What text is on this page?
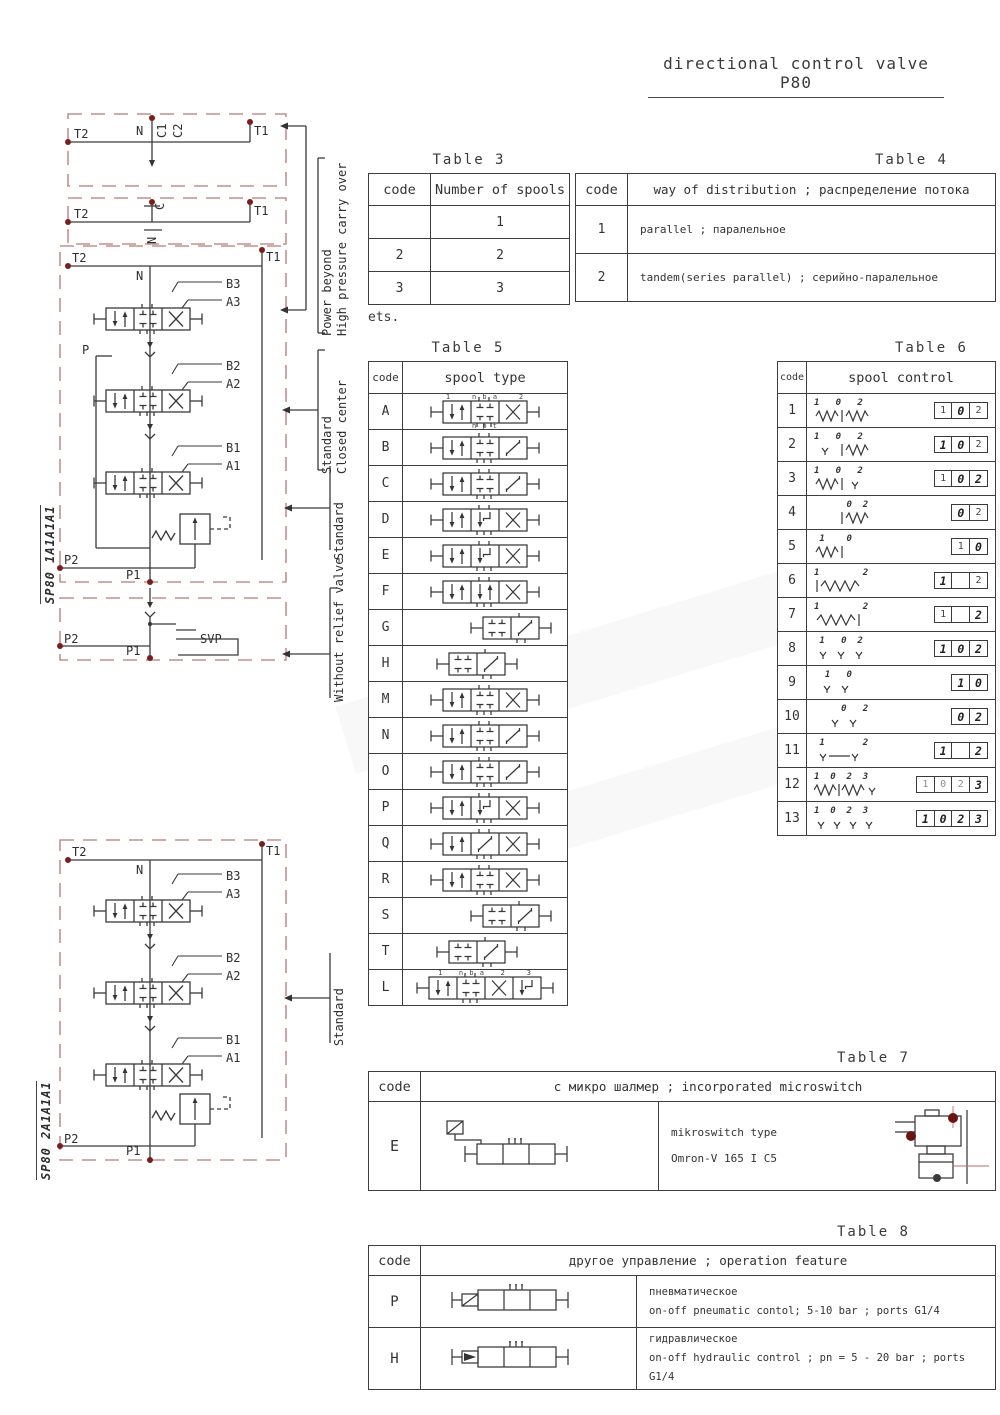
directional control valve P80
T2	N C1 C2	T1
T2
C
N
T1
T2	T1
N
B3
A3
P
B2
A2
B1
A1
P2
P1
P2
P1
SVP
T2	T1
N	B3
A3
B2
A2
B1
A1
P2
P1
Power beyond High pressure carry over
Standard Closed center
Standard
Without relief valve
Standard
SP80 1A1A1A1
SP80 2A1A1A1
Table 3
code	Number of spools
	1
2	2
3	3
ets.
Table 4
code	way of distribution ; распределение потока
1	parallel ; паралельное
2	tandem(series parallel) ; серийно-паралельное
Table 5
code	spool type
A	1    n b a    2
n p t

B	

C	

D	

E	

F	

G	

H	

M	

N	

O	

P	

Q	

R	

S	

T	

L	1   n b a   2    3
Table 6
code	spool control
1	1   0   2
1 0 2

2	1   0   2
1 0 2

3	1   0   2
1 0 2

4	0  2
0 2

5	1    0
1 0

6	1        2
1 2

7	1        2
1 2

8	1   0  2
1 0 2

9	1   0
1 0

10	0   2
0 2

11	1       2
1 2

12	1  0  2  3
1 0 2 3

13	1  0  2  3
1 0 2 3
Table 7
code	с микро шалмер ; incorporated microswitch	
E		mikroswitch type
Omron-V 165 I C5
Table 8
code	другое управление ; operation feature	
P		пневматическое
on-off pneumatic contol; 5-10 bar ; ports G1/4

H		гидравлическое
on-off hydraulic control ; pn = 5 - 20 bar ; ports G1/4
